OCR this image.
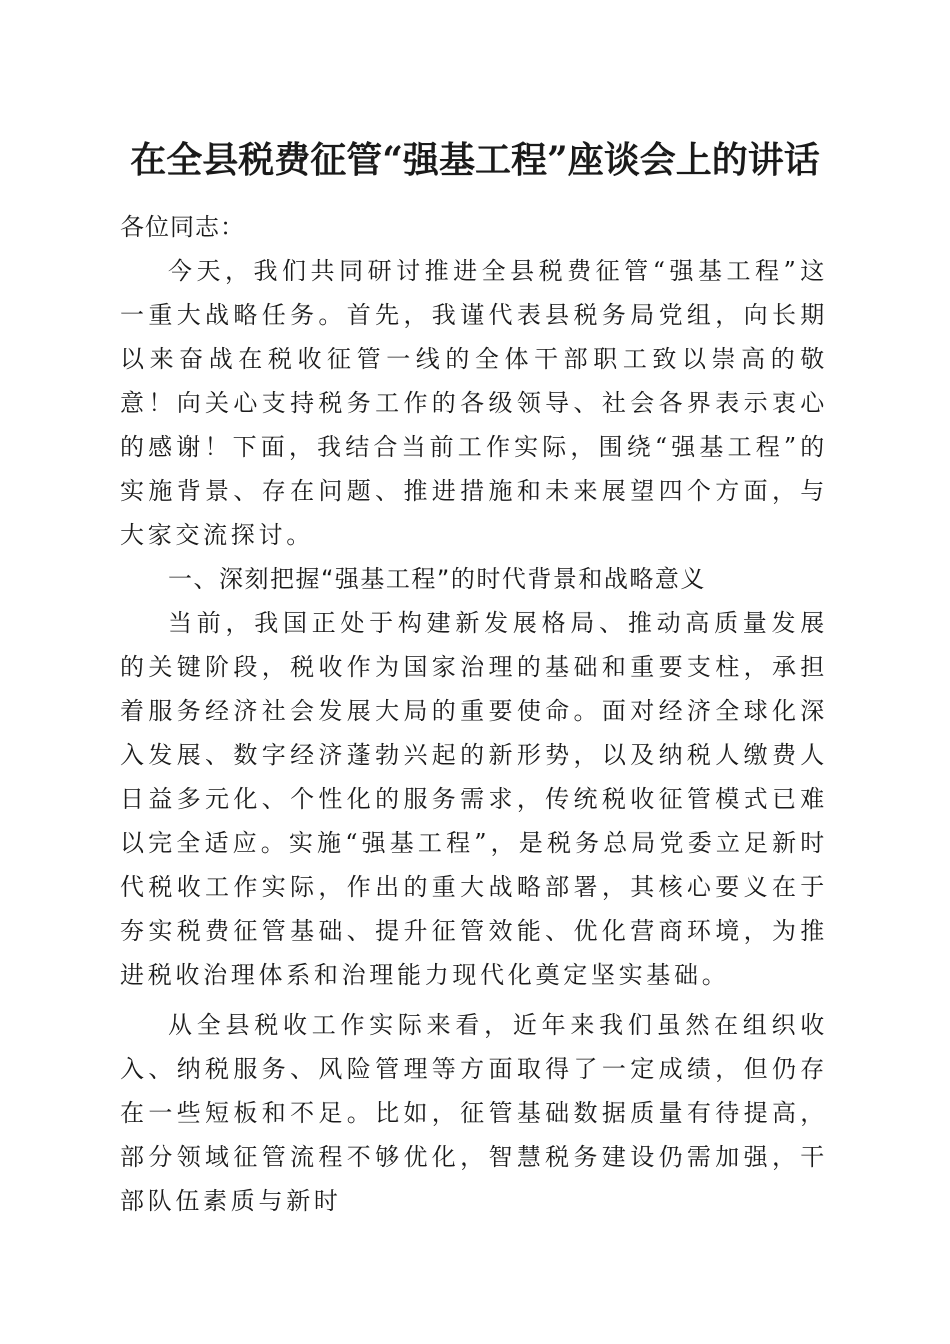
在全县税费征管“强基工程”座谈会上的讲话

各位同志：

今天，我们共同研讨推进全县税费征管“强基工程”这一重大战略任务。首先，我谨代表县税务局党组，向长期以来奋战在税收征管一线的全体干部职工致以崇高的敬意！向关心支持税务工作的各级领导、社会各界表示衷心的感谢！下面，我结合当前工作实际，围绕“强基工程”的实施背景、存在问题、推进措施和未来展望四个方面，与大家交流探讨。

一、深刻把握“强基工程”的时代背景和战略意义

当前，我国正处于构建新发展格局、推动高质量发展的关键阶段，税收作为国家治理的基础和重要支柱，承担着服务经济社会发展大局的重要使命。面对经济全球化深入发展、数字经济蓬勃兴起的新形势，以及纳税人缴费人日益多元化、个性化的服务需求，传统税收征管模式已难以完全适应。实施“强基工程”，是税务总局党委立足新时代税收工作实际，作出的重大战略部署，其核心要义在于夯实税费征管基础、提升征管效能、优化营商环境，为推进税收治理体系和治理能力现代化奠定坚实基础。

从全县税收工作实际来看，近年来我们虽然在组织收入、纳税服务、风险管理等方面取得了一定成绩，但仍存在一些短板和不足。比如，征管基础数据质量有待提高，部分领域征管流程不够优化，智慧税务建设仍需加强，干部队伍素质与新时
